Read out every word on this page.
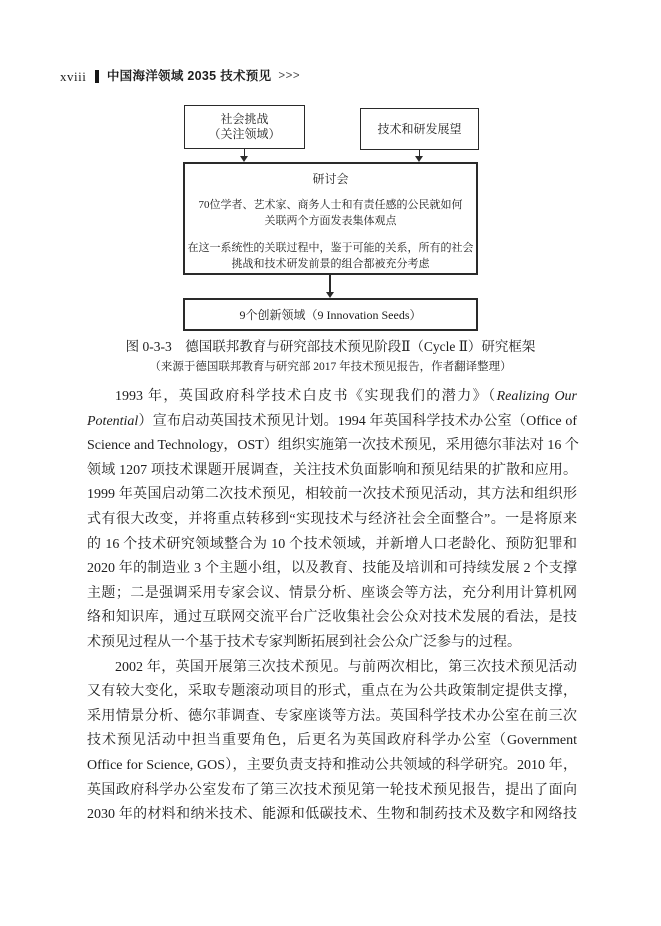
xviii 中国海洋领域 2035 技术预见 >>>
社会挑战
（关注领域）	技术和研发展望
研讨会
70位学者、艺术家、商务人士和有责任感的公民就如何
关联两个方面发表集体观点
在这一系统性的关联过程中，鉴于可能的关系，所有的社会
挑战和技术研发前景的组合都被充分考虑
9个创新领域（9 Innovation Seeds）
图 0-3-3　德国联邦教育与研究部技术预见阶段Ⅱ（Cycle Ⅱ）研究框架
（来源于德国联邦教育与研究部 2017 年技术预见报告，作者翻译整理）
1993 年，英国政府科学技术白皮书《实现我们的潜力》（Realizing Our
Potential）宣布启动英国技术预见计划。1994 年英国科学技术办公室（Office of
Science and Technology，OST）组织实施第一次技术预见，采用德尔菲法对 16 个
领域 1207 项技术课题开展调查，关注技术负面影响和预见结果的扩散和应用。
1999 年英国启动第二次技术预见，相较前一次技术预见活动，其方法和组织形
式有很大改变，并将重点转移到“实现技术与经济社会全面整合”。一是将原来
的 16 个技术研究领域整合为 10 个技术领域，并新增人口老龄化、预防犯罪和
2020 年的制造业 3 个主题小组，以及教育、技能及培训和可持续发展 2 个支撑
主题；二是强调采用专家会议、情景分析、座谈会等方法，充分利用计算机网
络和知识库，通过互联网交流平台广泛收集社会公众对技术发展的看法，是技
术预见过程从一个基于技术专家判断拓展到社会公众广泛参与的过程。
2002 年，英国开展第三次技术预见。与前两次相比，第三次技术预见活动
又有较大变化，采取专题滚动项目的形式，重点在为公共政策制定提供支撑，
采用情景分析、德尔菲调查、专家座谈等方法。英国科学技术办公室在前三次
技术预见活动中担当重要角色，后更名为英国政府科学办公室（Government
Office for Science, GOS），主要负责支持和推动公共领域的科学研究。2010 年，
英国政府科学办公室发布了第三次技术预见第一轮技术预见报告，提出了面向
2030 年的材料和纳米技术、能源和低碳技术、生物和制药技术及数字和网络技
